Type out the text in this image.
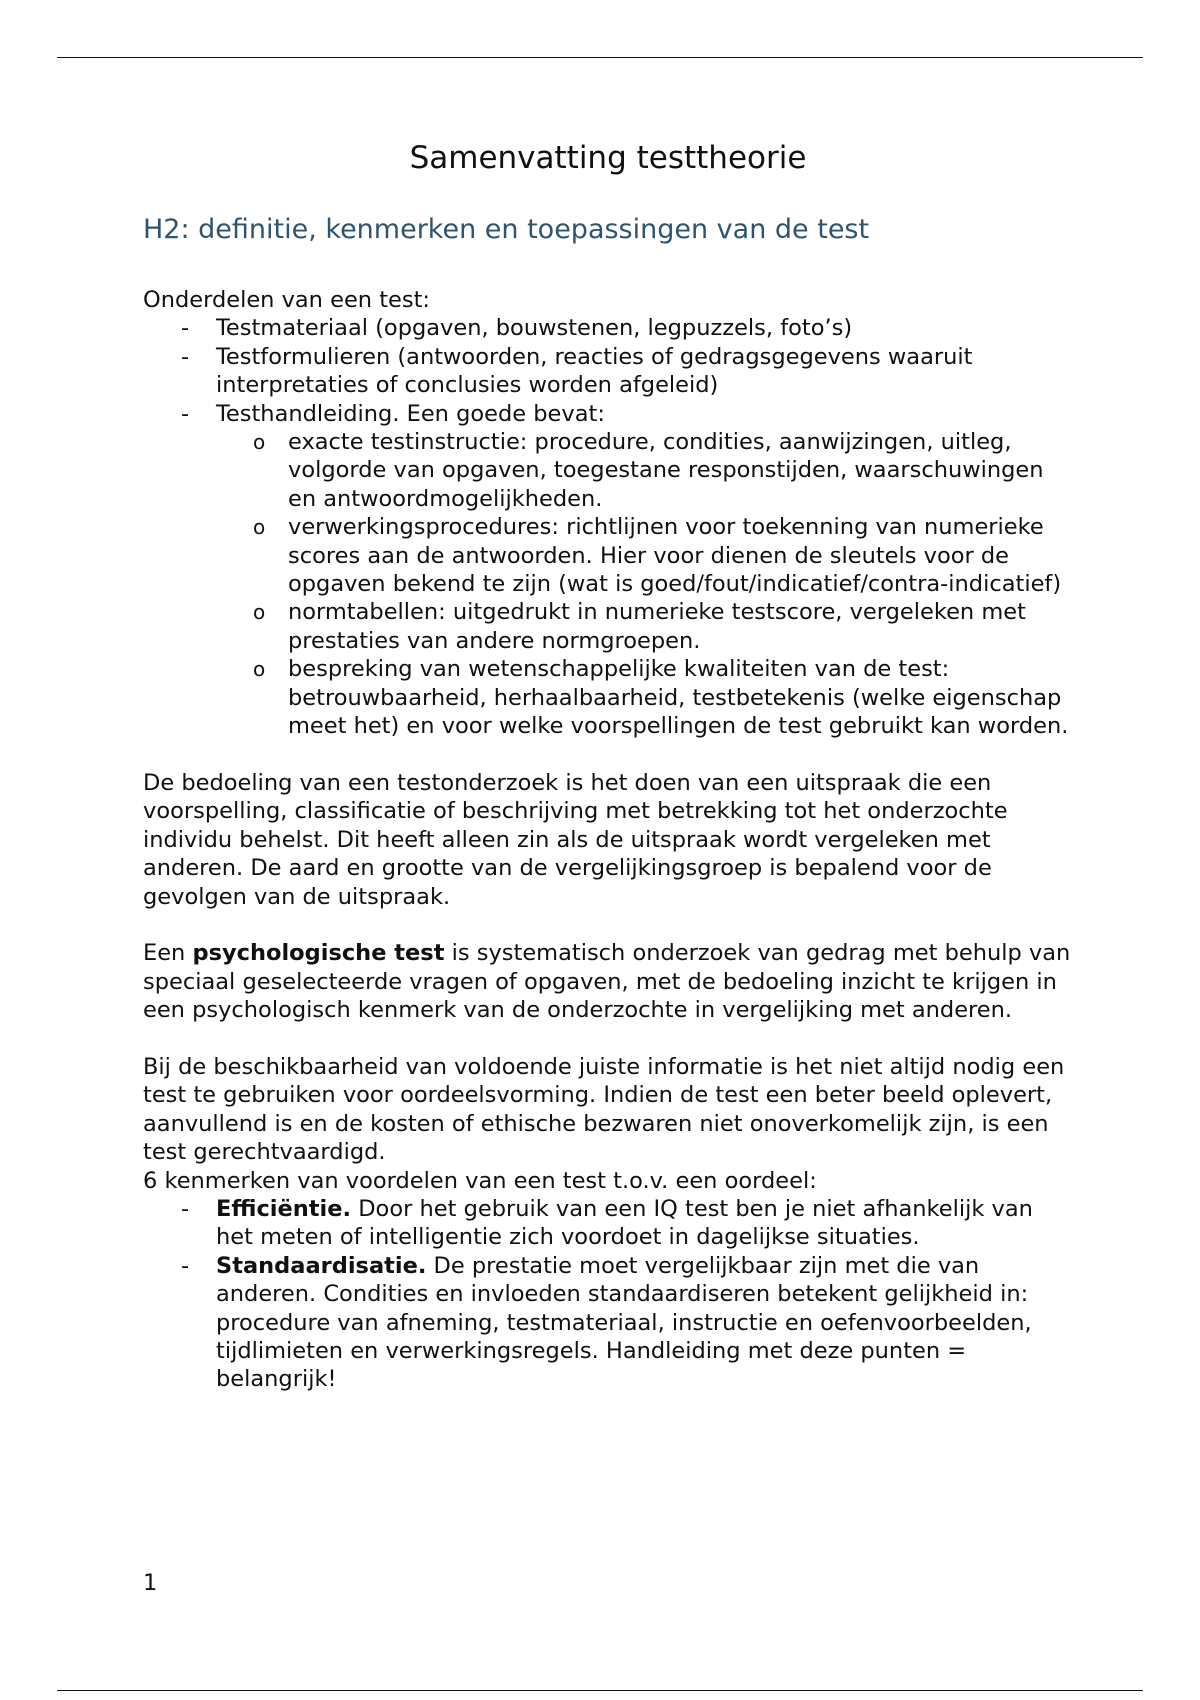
Samenvatting testtheorie
H2: definitie, kenmerken en toepassingen van de test

Onderdelen van een test:

- Testmateriaal (opgaven, bouwstenen, legpuzzels, foto’s)
- Testformulieren (antwoorden, reacties of gedragsgegevens waaruit interpretaties of conclusies worden afgeleid)
- Testhandleiding. Een goede bevat:
o exacte testinstructie: procedure, condities, aanwijzingen, uitleg, volgorde van opgaven, toegestane responstijden, waarschuwingen en antwoordmogelijkheden.
o verwerkingsprocedures: richtlijnen voor toekenning van numerieke scores aan de antwoorden. Hier voor dienen de sleutels voor de opgaven bekend te zijn (wat is goed/fout/indicatief/contra-indicatief)
o normtabellen: uitgedrukt in numerieke testscore, vergeleken met prestaties van andere normgroepen.
o bespreking van wetenschappelijke kwaliteiten van de test: betrouwbaarheid, herhaalbaarheid, testbetekenis (welke eigenschap meet het) en voor welke voorspellingen de test gebruikt kan worden.

De bedoeling van een testonderzoek is het doen van een uitspraak die een voorspelling, classificatie of beschrijving met betrekking tot het onderzochte individu behelst. Dit heeft alleen zin als de uitspraak wordt vergeleken met anderen. De aard en grootte van de vergelijkingsgroep is bepalend voor de gevolgen van de uitspraak.

Een psychologische test is systematisch onderzoek van gedrag met behulp van speciaal geselecteerde vragen of opgaven, met de bedoeling inzicht te krijgen in een psychologisch kenmerk van de onderzochte in vergelijking met anderen.

Bij de beschikbaarheid van voldoende juiste informatie is het niet altijd nodig een test te gebruiken voor oordeelsvorming. Indien de test een beter beeld oplevert, aanvullend is en de kosten of ethische bezwaren niet onoverkomelijk zijn, is een test gerechtvaardigd.

6 kenmerken van voordelen van een test t.o.v. een oordeel:

- Efficiëntie. Door het gebruik van een IQ test ben je niet afhankelijk van het meten of intelligentie zich voordoet in dagelijkse situaties.
- Standaardisatie. De prestatie moet vergelijkbaar zijn met die van anderen. Condities en invloeden standaardiseren betekent gelijkheid in: procedure van afneming, testmateriaal, instructie en oefenvoorbeelden, tijdlimieten en verwerkingsregels. Handleiding met deze punten = belangrijk!
1
